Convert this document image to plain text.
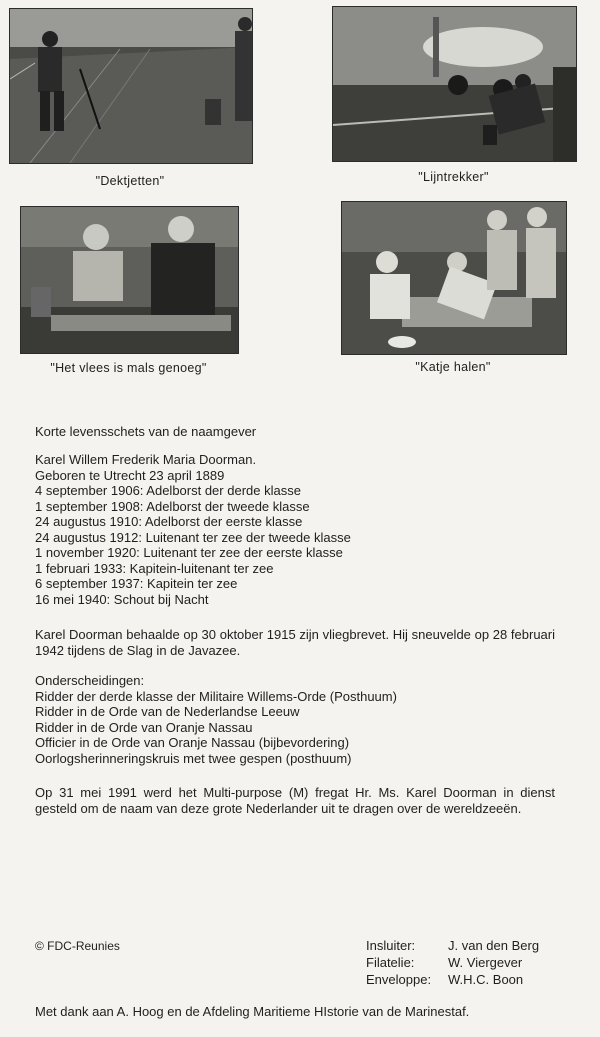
"Dektjetten"	"Lijntrekker"
"Het vlees is mals genoeg"	"Katje halen"
Korte levensschets van de naamgever
Karel Willem Frederik Maria Doorman.
Geboren te Utrecht 23 april 1889
4 september 1906: Adelborst der derde klasse
1 september 1908: Adelborst der tweede klasse
24 augustus 1910: Adelborst der eerste klasse
24 augustus 1912: Luitenant ter zee der tweede klasse
1 november 1920: Luitenant ter zee der eerste klasse
1 februari 1933: Kapitein-luitenant ter zee
6 september 1937: Kapitein ter zee
16 mei 1940: Schout bij Nacht
Karel Doorman behaalde op 30 oktober 1915 zijn vliegbrevet. Hij sneuvelde op 28 februari 1942 tijdens de Slag in de Javazee.
Onderscheidingen:
Ridder der derde klasse der Militaire Willems-Orde (Posthuum)
Ridder in de Orde van de Nederlandse Leeuw
Ridder in de Orde van Oranje Nassau
Officier in de Orde van Oranje Nassau (bijbevordering)
Oorlogsherinneringskruis met twee gespen (posthuum)
Op 31 mei 1991 werd het Multi-purpose (M) fregat Hr. Ms. Karel Doorman in dienst gesteld om de naam van deze grote Nederlander uit te dragen over de wereldzeeën.
© FDC-Reunies	Insluiter:	J. van den Berg
Filatelie:	W. Viergever
Enveloppe:	W.H.C. Boon
Met dank aan A. Hoog en de Afdeling Maritieme HIstorie van de Marinestaf.
